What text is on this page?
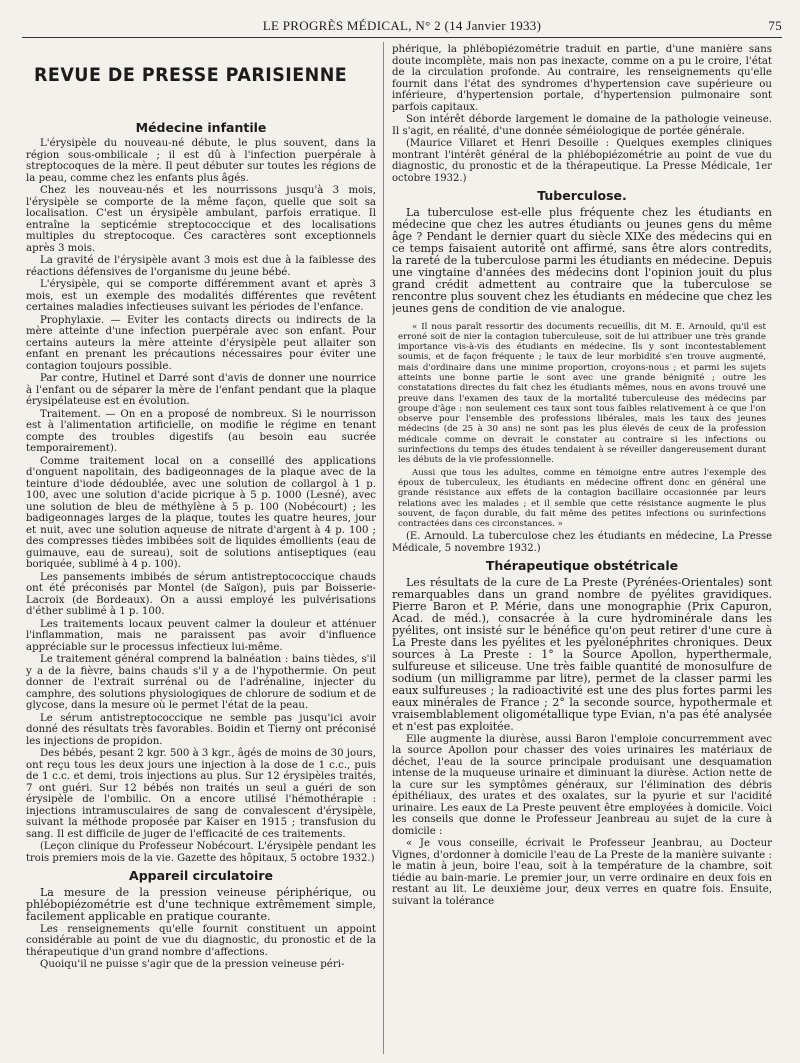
LE PROGRÈS MÉDICAL, N° 2 (14 Janvier 1933)	75
REVUE DE PRESSE PARISIENNE
Médecine infantile

L'érysipèle du nouveau-né débute, le plus souvent, dans la région sous-ombilicale ; il est dû à l'infection puerpérale à streptocoques de la mère. Il peut débuter sur toutes les régions de la peau, comme chez les enfants plus âgés.

Chez les nouveau-nés et les nourrissons jusqu'à 3 mois, l'érysipèle se comporte de la même façon, quelle que soit sa localisation. C'est un érysipèle ambulant, parfois erratique. Il entraîne la septicémie streptococcique et des localisations multiples du streptocoque. Ces caractères sont exceptionnels après 3 mois.

La gravité de l'érysipèle avant 3 mois est due à la faiblesse des réactions défensives de l'organisme du jeune bébé.

L'érysipèle, qui se comporte différemment avant et après 3 mois, est un exemple des modalités différentes que revêtent certaines maladies infectieuses suivant les périodes de l'enfance.

Prophylaxie. — Eviter les contacts directs ou indirects de la mère atteinte d'une infection puerpérale avec son enfant. Pour certains auteurs la mère atteinte d'érysipèle peut allaiter son enfant en prenant les précautions nécessaires pour éviter une contagion toujours possible.

Par contre, Hutinel et Darré sont d'avis de donner une nourrice à l'enfant ou de séparer la mère de l'enfant pendant que la plaque érysipélateuse est en évolution.

Traitement. — On en a proposé de nombreux. Si le nourrisson est à l'alimentation artificielle, on modifie le régime en tenant compte des troubles digestifs (au besoin eau sucrée temporairement).

Comme traitement local on a conseillé des applications d'onguent napolitain, des badigeonnages de la plaque avec de la teinture d'iode dédoublée, avec une solution de collargol à 1 p. 100, avec une solution d'acide picrique à 5 p. 1000 (Lesné), avec une solution de bleu de méthylène à 5 p. 100 (Nobécourt) ; les badigeonnages larges de la plaque, toutes les quatre heures, jour et nuit, avec une solution aqueuse de nitrate d'argent à 4 p. 100 ; des compresses tièdes imbibées soit de liquides émollients (eau de guimauve, eau de sureau), soit de solutions antiseptiques (eau boriquée, sublimé à 4 p. 100).

Les pansements imbibés de sérum antistreptococcique chauds ont été préconisés par Montel (de Saïgon), puis par Boisserie-Lacroix (de Bordeaux). On a aussi employé les pulvérisations d'éther sublimé à 1 p. 100.

Les traitements locaux peuvent calmer la douleur et atténuer l'inflammation, mais ne paraissent pas avoir d'influence appréciable sur le processus infectieux lui-même.

Le traitement général comprend la balnéation : bains tièdes, s'il y a de la fièvre, bains chauds s'il y a de l'hypothermie. On peut donner de l'extrait surrénal ou de l'adrénaline, injecter du camphre, des solutions physiologiques de chlorure de sodium et de glycose, dans la mesure où le permet l'état de la peau.

Le sérum antistreptococcique ne semble pas jusqu'ici avoir donné des résultats très favorables. Boidin et Tierny ont préconisé les injections de propidon.

Des bébés, pesant 2 kgr. 500 à 3 kgr., âgés de moins de 30 jours, ont reçu tous les deux jours une injection à la dose de 1 c.c., puis de 1 c.c. et demi, trois injections au plus. Sur 12 érysipèles traités, 7 ont guéri. Sur 12 bébés non traités un seul a guéri de son érysipèle de l'ombilic. On a encore utilisé l'hémothérapie : injections intramusculaires de sang de convalescent d'érysipèle, suivant la méthode proposée par Kaiser en 1915 ; transfusion du sang. Il est difficile de juger de l'efficacité de ces traitements.

(Leçon clinique du Professeur Nobécourt. L'érysipèle pendant les trois premiers mois de la vie. Gazette des hôpitaux, 5 octobre 1932.)

Appareil circulatoire

La mesure de la pression veineuse périphérique, ou phlébopiézométrie est d'une technique extrêmement simple, facilement applicable en pratique courante.

Les renseignements qu'elle fournit constituent un appoint considérable au point de vue du diagnostic, du pronostic et de la thérapeutique d'un grand nombre d'affections.

Quoiqu'il ne puisse s'agir que de la pression veineuse péri-

phérique, la phlébopiézométrie traduit en partie, d'une manière sans doute incomplète, mais non pas inexacte, comme on a pu le croire, l'état de la circulation profonde. Au contraire, les renseignements qu'elle fournit dans l'état des syndromes d'hypertension cave supérieure ou inférieure, d'hypertension portale, d'hypertension pulmonaire sont parfois capitaux.

Son intérêt déborde largement le domaine de la pathologie veineuse. Il s'agit, en réalité, d'une donnée séméiologique de portée générale.

(Maurice Villaret et Henri Desoille : Quelques exemples cliniques montrant l'intérêt général de la phlébopiézométrie au point de vue du diagnostic, du pronostic et de la thérapeutique. La Presse Médicale, 1er octobre 1932.)

Tuberculose.

La tuberculose est-elle plus fréquente chez les étudiants en médecine que chez les autres étudiants ou jeunes gens du même âge ? Pendant le dernier quart du siècle XIXe des médecins qui en ce temps faisaient autorité ont affirmé, sans être alors contredits, la rareté de la tuberculose parmi les étudiants en médecine. Depuis une vingtaine d'années des médecins dont l'opinion jouit du plus grand crédit admettent au contraire que la tuberculose se rencontre plus souvent chez les étudiants en médecine que chez les jeunes gens de condition de vie analogue.

« Il nous paraît ressortir des documents recueillis, dit M. E. Arnould, qu'il est erroné soit de nier la contagion tuberculeuse, soit de lui attribuer une très grande importance vis-à-vis des étudiants en médecine. Ils y sont incontestablement soumis, et de façon fréquente ; le taux de leur morbidité s'en trouve augmenté, mais d'ordinaire dans une minime proportion, croyons-nous ; et parmi les sujets atteints une bonne partie le sont avec une grande bénignité ; outre les constatations directes du fait chez les étudiants mêmes, nous en avons trouvé une preuve dans l'examen des taux de la mortalité tuberculeuse des médecins par groupe d'âge : non seulement ces taux sont tous faibles relativement à ce que l'on observe pour l'ensemble des professions libérales, mais les taux des jeunes médecins (de 25 à 30 ans) ne sont pas les plus élevés de ceux de la profession médicale comme on devrait le constater au contraire si les infections ou surinfections du temps des études tendaient à se réveiller dangereusement durant les débuts de la vie professionnelle.

Aussi que tous les adultes, comme en témoigne entre autres l'exemple des époux de tuberculeux, les étudiants en médecine offrent donc en général une grande résistance aux effets de la contagion bacillaire occasionnée par leurs relations avec les malades ; et il semble que cette résistance augmente le plus souvent, de façon durable, du fait même des petites infections ou surinfections contractées dans ces circonstances. »

(E. Arnould. La tuberculose chez les étudiants en médecine, La Presse Médicale, 5 novembre 1932.)

Thérapeutique obstétricale

Les résultats de la cure de La Preste (Pyrénées-Orientales) sont remarquables dans un grand nombre de pyélites gravidiques. Pierre Baron et P. Mérie, dans une monographie (Prix Capuron, Acad. de méd.), consacrée à la cure hydrominérale dans les pyélites, ont insisté sur le bénéfice qu'on peut retirer d'une cure à La Preste dans les pyélites et les pyélonéphrites chroniques. Deux sources à La Preste : 1° la Source Apollon, hyperthermale, sulfureuse et siliceuse. Une très faible quantité de monosulfure de sodium (un milligramme par litre), permet de la classer parmi les eaux sulfureuses ; la radioactivité est une des plus fortes parmi les eaux minérales de France ; 2° la seconde source, hypothermale et vraisemblablement oligométallique type Evian, n'a pas été analysée et n'est pas exploitée.

Elle augmente la diurèse, aussi Baron l'emploie concurremment avec la source Apollon pour chasser des voies urinaires les matériaux de déchet, l'eau de la source principale produisant une desquamation intense de la muqueuse urinaire et diminuant la diurèse. Action nette de la cure sur les symptômes généraux, sur l'élimination des débris épithéliaux, des urates et des oxalates, sur la pyurie et sur l'acidité urinaire. Les eaux de La Preste peuvent être employées à domicile. Voici les conseils que donne le Professeur Jeanbreau au sujet de la cure à domicile :

« Je vous conseille, écrivait le Professeur Jeanbrau, au Docteur Vignes, d'ordonner à domicile l'eau de La Preste de la manière suivante : le matin à jeun, boire l'eau, soit à la température de la chambre, soit tiédie au bain-marie. Le premier jour, un verre ordinaire en deux fois en restant au lit. Le deuxième jour, deux verres en quatre fois. Ensuite, suivant la tolérance
